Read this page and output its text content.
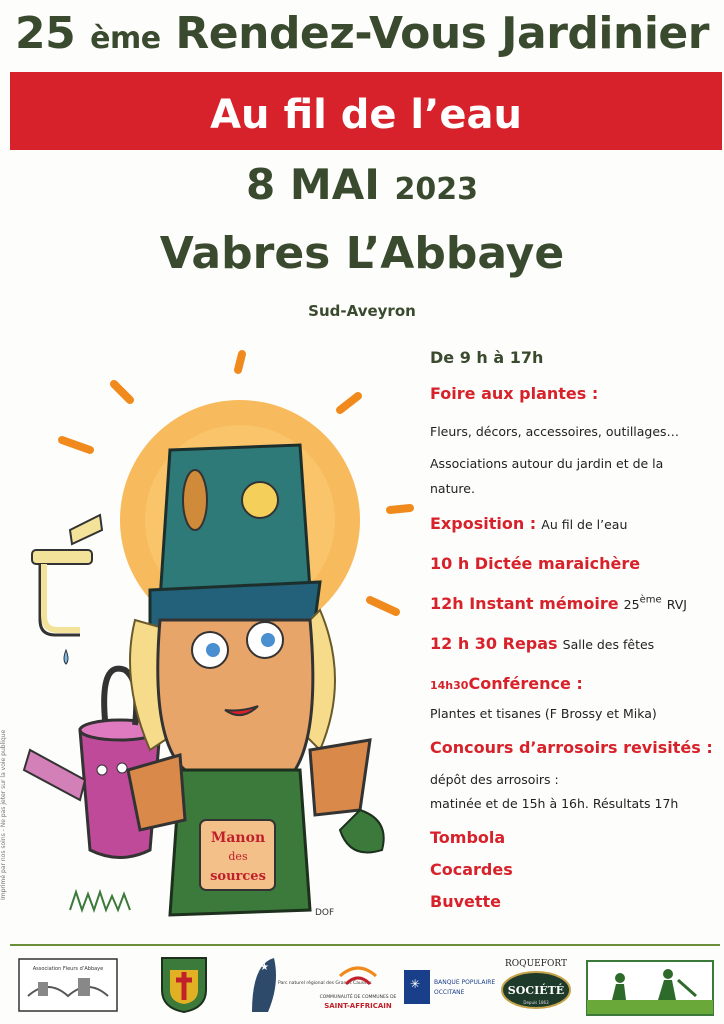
25 ème Rendez-Vous Jardinier
Au fil de l’eau
8 MAI 2023
Vabres L’Abbaye
Sud-Aveyron
Manon
des
sources
DOF
Imprimé par nos soins - Ne pas jeter sur la voie publique
De 9 h à 17h
Foire aux plantes :
Fleurs, décors, accessoires, outillages…
Associations autour du jardin et de la
nature.
Exposition : Au fil de l’eau
10 h Dictée maraichère
12h Instant mémoire 25ème RVJ
12 h 30 Repas Salle des fêtes
14h30Conférence :
Plantes et tisanes (F Brossy et Mika)
Concours d’arrosoirs revisités :
dépôt des arrosoirs :
matinée et de 15h à 16h. Résultats 17h
Tombola
Cocardes
Buvette
Association Fleurs d’Abbaye	★
Parc naturel régional des Grands Causses
COMMUNAUTÉ DE COMMUNES DE
SAINT-AFFRICAIN
✳ BANQUE POPULAIRE
OCCITANE
ROQUEFORT
SOCIÉTÉ
Depuis 1863
